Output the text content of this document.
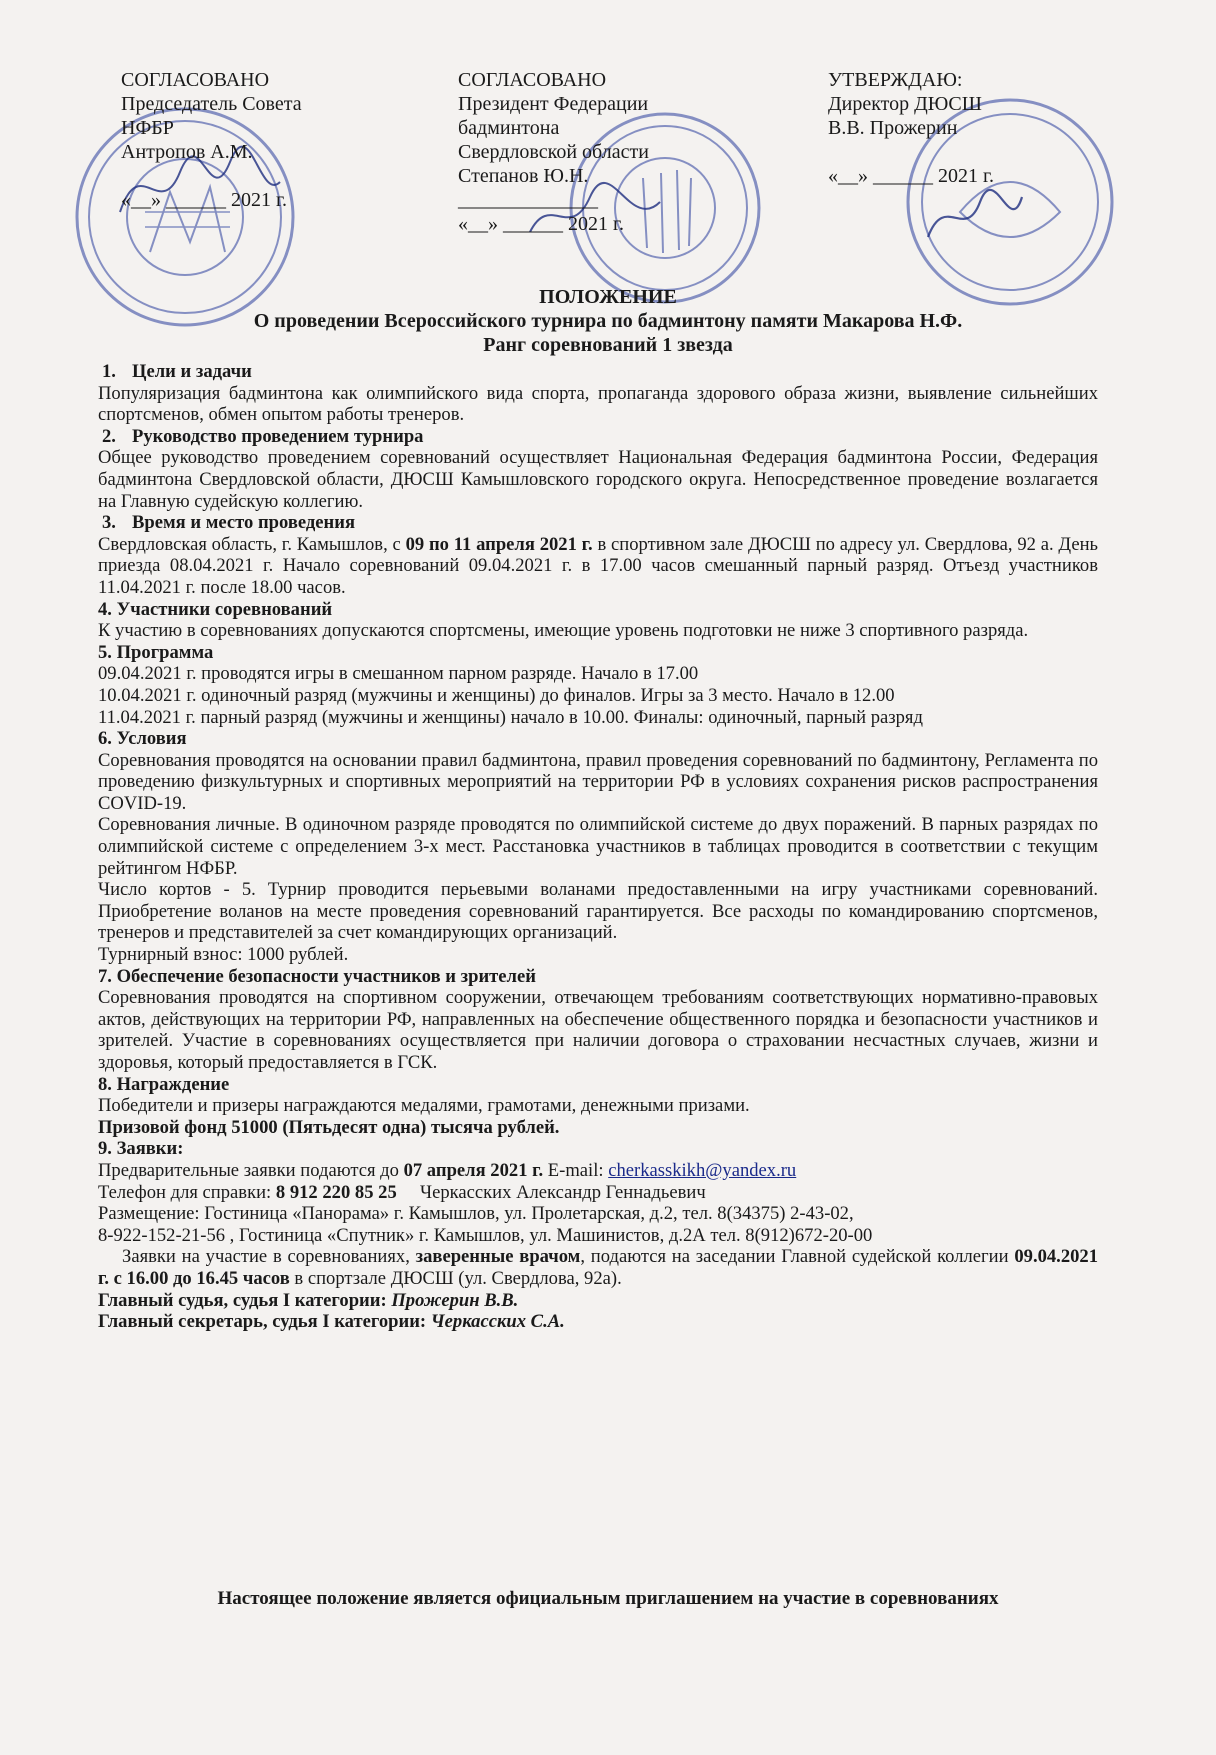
СОГЛАСОВАНО
Председатель Совета
НФБР
Антропов А.М.
«__» ______ 2021 г.
СОГЛАСОВАНО
Президент Федерации
бадминтона
Свердловской области
Степанов Ю.Н.
______________
«__» ______ 2021 г.
УТВЕРЖДАЮ:
Директор ДЮСШ
В.В. Прожерин
«__» ______ 2021 г.
ПОЛОЖЕНИЕ
О проведении Всероссийского турнира по бадминтону памяти Макарова Н.Ф.
Ранг соревнований 1 звезда

1. Цели и задачи

Популяризация бадминтона как олимпийского вида спорта, пропаганда здорового образа жизни, выявление сильнейших спортсменов, обмен опытом работы тренеров.

2. Руководство проведением турнира

Общее руководство проведением соревнований осуществляет Национальная Федерация бадминтона России, Федерация бадминтона Свердловской области, ДЮСШ Камышловского городского округа. Непосредственное проведение возлагается на Главную судейскую коллегию.

3. Время и место проведения

Свердловская область, г. Камышлов, с 09 по 11 апреля 2021 г. в спортивном зале ДЮСШ по адресу ул. Свердлова, 92 а. День приезда 08.04.2021 г. Начало соревнований 09.04.2021 г. в 17.00 часов смешанный парный разряд. Отъезд участников 11.04.2021 г. после 18.00 часов.

4. Участники соревнований

К участию в соревнованиях допускаются спортсмены, имеющие уровень подготовки не ниже 3 спортивного разряда.

5. Программа

09.04.2021 г. проводятся игры в смешанном парном разряде. Начало в 17.00

10.04.2021 г. одиночный разряд (мужчины и женщины) до финалов. Игры за 3 место. Начало в 12.00

11.04.2021 г. парный разряд (мужчины и женщины) начало в 10.00. Финалы: одиночный, парный разряд

6. Условия

Соревнования проводятся на основании правил бадминтона, правил проведения соревнований по бадминтону, Регламента по проведению физкультурных и спортивных мероприятий на территории РФ в условиях сохранения рисков распространения COVID-19.

Соревнования личные. В одиночном разряде проводятся по олимпийской системе до двух поражений. В парных разрядах по олимпийской системе с определением 3-х мест. Расстановка участников в таблицах проводится в соответствии с текущим рейтингом НФБР.

Число кортов - 5. Турнир проводится перьевыми воланами предоставленными на игру участниками соревнований. Приобретение воланов на месте проведения соревнований гарантируется. Все расходы по командированию спортсменов, тренеров и представителей за счет командирующих организаций.

Турнирный взнос: 1000 рублей.

7. Обеспечение безопасности участников и зрителей

Соревнования проводятся на спортивном сооружении, отвечающем требованиям соответствующих нормативно-правовых актов, действующих на территории РФ, направленных на обеспечение общественного порядка и безопасности участников и зрителей. Участие в соревнованиях осуществляется при наличии договора о страховании несчастных случаев, жизни и здоровья, который предоставляется в ГСК.

8. Награждение

Победители и призеры награждаются медалями, грамотами, денежными призами.

Призовой фонд 51000 (Пятьдесят одна) тысяча рублей.

9. Заявки:

Предварительные заявки подаются до 07 апреля 2021 г. E-mail: cherkasskikh@yandex.ru

Телефон для справки: 8 912 220 85 25     Черкасских Александр Геннадьевич

Размещение: Гостиница «Панорама» г. Камышлов, ул. Пролетарская, д.2, тел. 8(34375) 2-43-02,

8-922-152-21-56 , Гостиница «Спутник» г. Камышлов, ул. Машинистов, д.2А тел. 8(912)672-20-00

Заявки на участие в соревнованиях, заверенные врачом, подаются на заседании Главной судейской коллегии 09.04.2021 г. с 16.00 до 16.45 часов в спортзале ДЮСШ (ул. Свердлова, 92а).

Главный судья, судья I категории: Прожерин В.В.

Главный секретарь, судья I категории: Черкасских С.А.

Настоящее положение является официальным приглашением на участие в соревнованиях
